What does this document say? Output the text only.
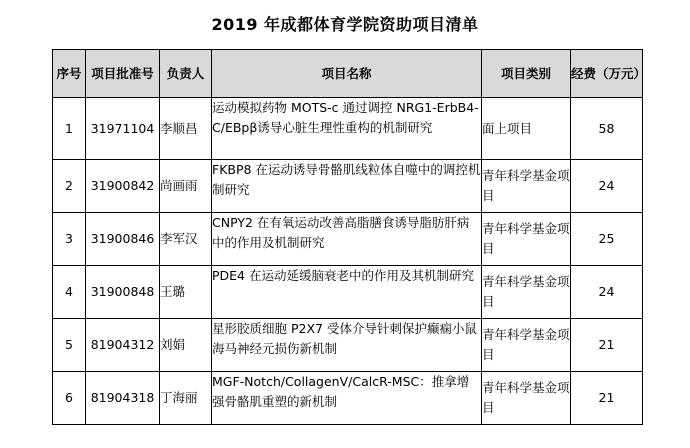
2019 年成都体育学院资助项目清单
序号	项目批准号	负责人	项目名称	项目类别	经费（万元）
1	31971104	李顺昌	运动模拟药物 MOTS-c 通过调控 NRG1-ErbB4-C/EBpβ诱导心脏生理性重构的机制研究	面上项目	58
2	31900842	尚画雨	FKBP8 在运动诱导骨骼肌线粒体自噬中的调控机制研究	青年科学基金项目	24
3	31900846	李军汉	CNPY2 在有氧运动改善高脂膳食诱导脂肪肝病中的作用及机制研究	青年科学基金项目	25
4	31900848	王璐	PDE4 在运动延缓脑衰老中的作用及其机制研究	青年科学基金项目	24
5	81904312	刘娟	星形胶质细胞 P2X7 受体介导针刺保护癫痫小鼠海马神经元损伤新机制	青年科学基金项目	21
6	81904318	丁海丽	MGF-Notch/CollagenⅤ/CalcR-MSC：推拿增强骨骼肌重塑的新机制	青年科学基金项目	21
